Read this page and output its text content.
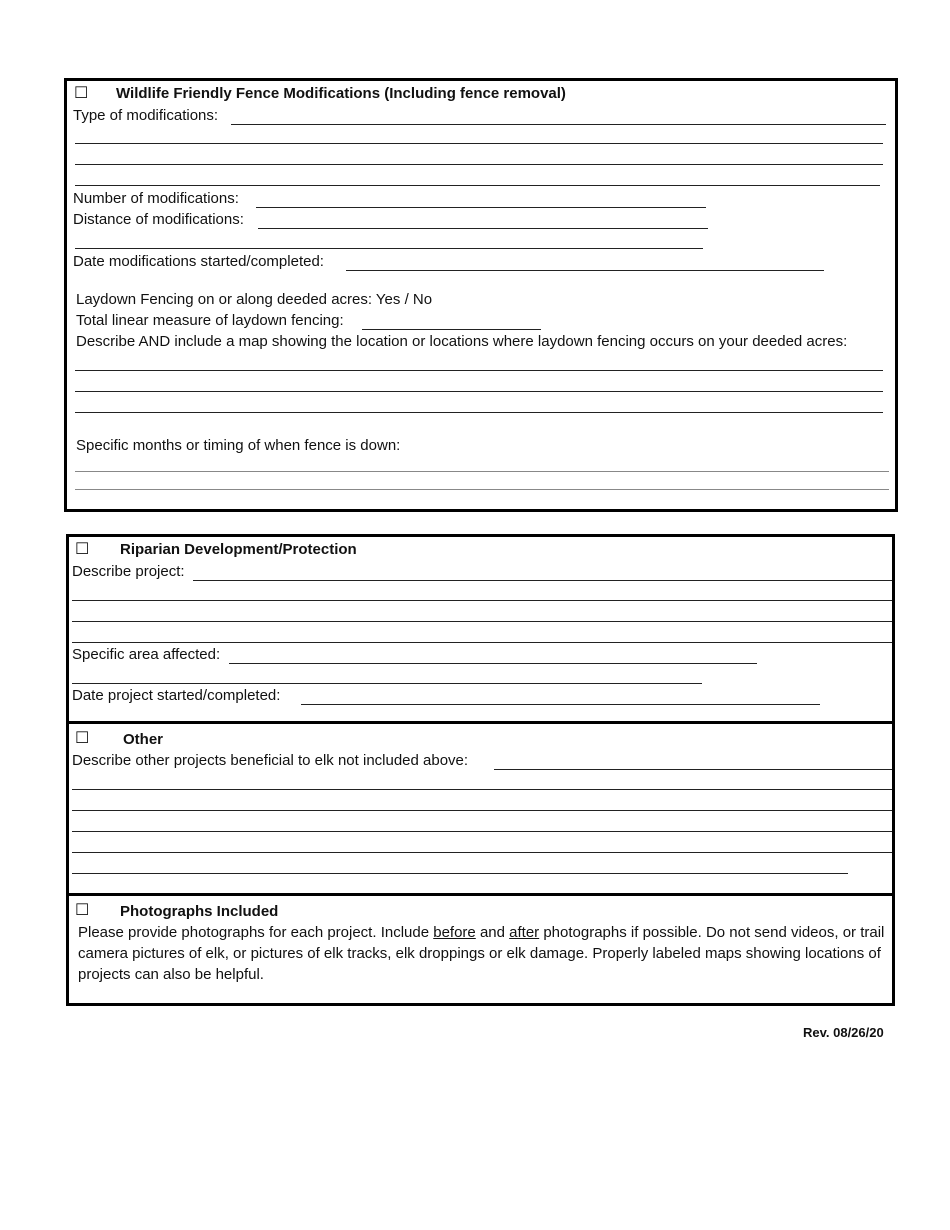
☐ Wildlife Friendly Fence Modifications (Including fence removal)
Type of modifications:
Number of modifications:
Distance of modifications:
Date modifications started/completed:
Laydown Fencing on or along deeded acres: Yes / No
Total linear measure of laydown fencing:
Describe AND include a map showing the location or locations where laydown fencing occurs on your deeded acres:
Specific months or timing of when fence is down:
☐ Riparian Development/Protection
Describe project:
Specific area affected:
Date project started/completed:
☐ Other
Describe other projects beneficial to elk not included above:
☐ Photographs Included
Please provide photographs for each project. Include before and after photographs if possible. Do not send videos, or trail camera pictures of elk, or pictures of elk tracks, elk droppings or elk damage. Properly labeled maps showing locations of projects can also be helpful.
Rev. 08/26/20
